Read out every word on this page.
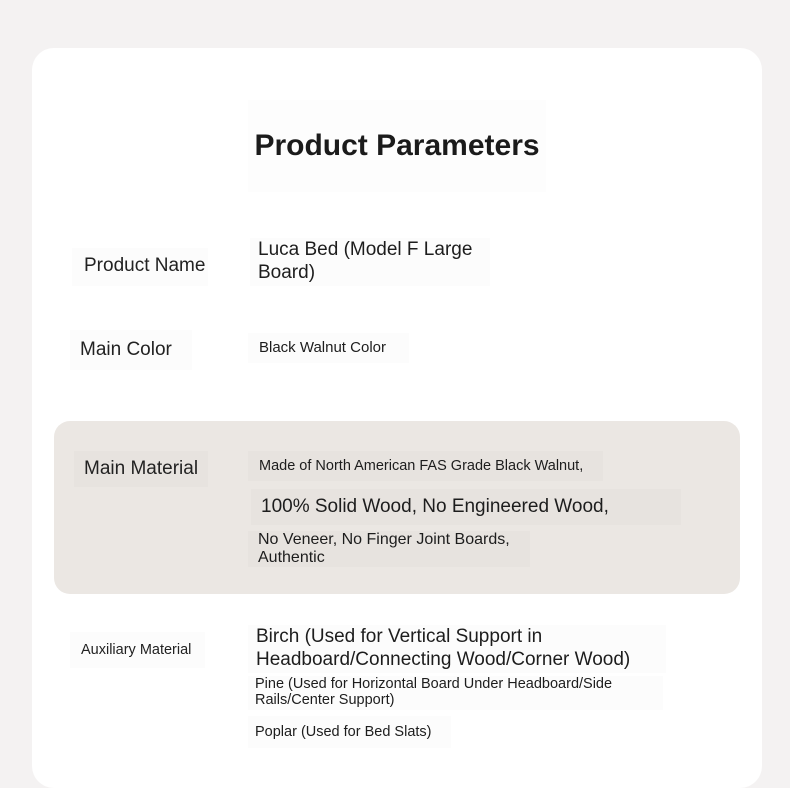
Product Parameters
Product Name
Luca Bed (Model F Large Board)
Main Color	Black Walnut Color
Main Material	Made of North American FAS Grade Black Walnut,
100% Solid Wood, No Engineered Wood,
No Veneer, No Finger Joint Boards, Authentic
Auxiliary Material
Birch (Used for Vertical Support in Headboard/Connecting Wood/Corner Wood)
Pine (Used for Horizontal Board Under Headboard/Side Rails/Center Support)
Poplar (Used for Bed Slats)
